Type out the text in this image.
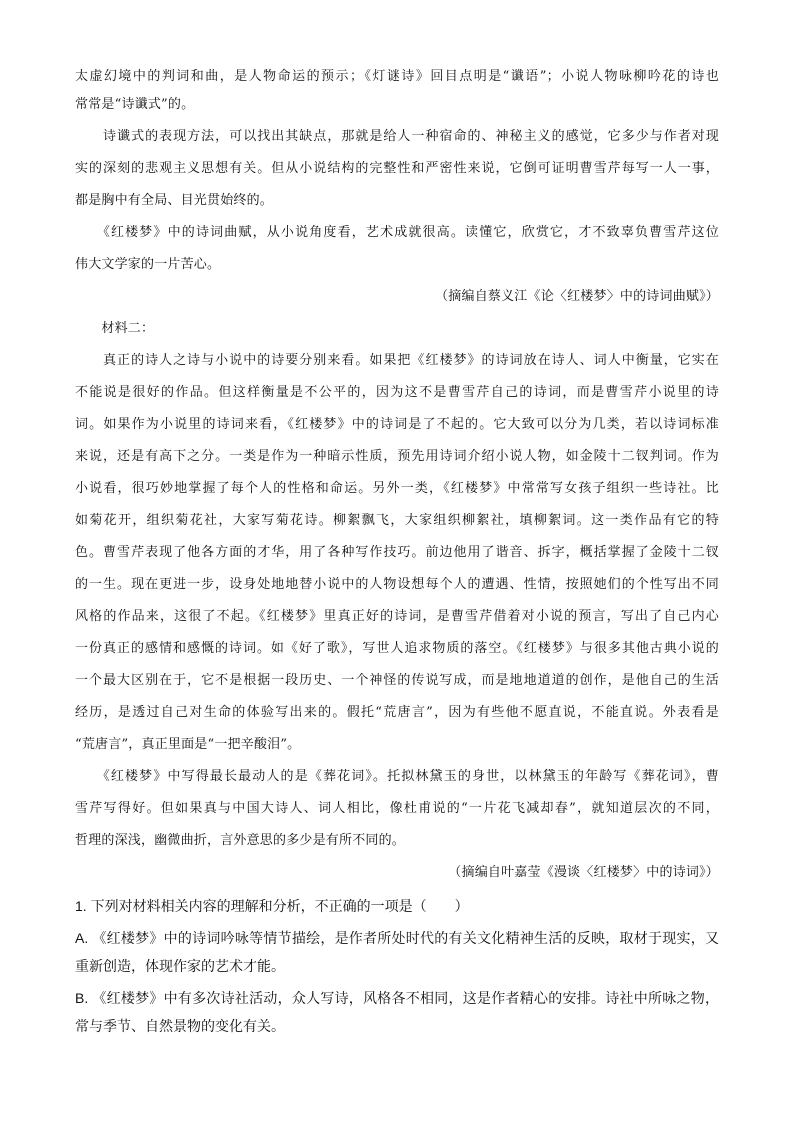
太虚幻境中的判词和曲，是人物命运的预示；《灯谜诗》回目点明是“谶语”；小说人物咏柳吟花的诗也
常常是“诗谶式”的。
　　诗谶式的表现方法，可以找出其缺点，那就是给人一种宿命的、神秘主义的感觉，它多少与作者对现
实的深刻的悲观主义思想有关。但从小说结构的完整性和严密性来说，它倒可证明曹雪芹每写一人一事，
都是胸中有全局、目光贯始终的。
　　《红楼梦》中的诗词曲赋，从小说角度看，艺术成就很高。读懂它，欣赏它，才不致辜负曹雪芹这位
伟大文学家的一片苦心。
（摘编自蔡义江《论〈红楼梦〉中的诗词曲赋》）
　　材料二：
　　真正的诗人之诗与小说中的诗要分别来看。如果把《红楼梦》的诗词放在诗人、词人中衡量，它实在
不能说是很好的作品。但这样衡量是不公平的，因为这不是曹雪芹自己的诗词，而是曹雪芹小说里的诗
词。如果作为小说里的诗词来看，《红楼梦》中的诗词是了不起的。它大致可以分为几类，若以诗词标准
来说，还是有高下之分。一类是作为一种暗示性质，预先用诗词介绍小说人物，如金陵十二钗判词。作为
小说看，很巧妙地掌握了每个人的性格和命运。另外一类，《红楼梦》中常常写女孩子组织一些诗社。比
如菊花开，组织菊花社，大家写菊花诗。柳絮飘飞，大家组织柳絮社，填柳絮词。这一类作品有它的特
色。曹雪芹表现了他各方面的才华，用了各种写作技巧。前边他用了谐音、拆字，概括掌握了金陵十二钗
的一生。现在更进一步，设身处地地替小说中的人物设想每个人的遭遇、性情，按照她们的个性写出不同
风格的作品来，这很了不起。《红楼梦》里真正好的诗词，是曹雪芹借着对小说的预言，写出了自己内心
一份真正的感情和感慨的诗词。如《好了歌》，写世人追求物质的落空。《红楼梦》与很多其他古典小说的
一个最大区别在于，它不是根据一段历史、一个神怪的传说写成，而是地地道道的创作，是他自己的生活
经历，是透过自己对生命的体验写出来的。假托“荒唐言”，因为有些他不愿直说，不能直说。外表看是
“荒唐言”，真正里面是“一把辛酸泪”。
　　《红楼梦》中写得最长最动人的是《葬花词》。托拟林黛玉的身世，以林黛玉的年龄写《葬花词》，曹
雪芹写得好。但如果真与中国大诗人、词人相比，像杜甫说的“一片花飞减却春”，就知道层次的不同，
哲理的深浅，幽微曲折，言外意思的多少是有所不同的。
（摘编自叶嘉莹《漫谈〈红楼梦〉中的诗词》）
1. 下列对材料相关内容的理解和分析，不正确的一项是（　　）
A. 《红楼梦》中的诗词吟咏等情节描绘，是作者所处时代的有关文化精神生活的反映，取材于现实，又
重新创造，体现作家的艺术才能。
B. 《红楼梦》中有多次诗社活动，众人写诗，风格各不相同，这是作者精心的安排。诗社中所咏之物，
常与季节、自然景物的变化有关。
